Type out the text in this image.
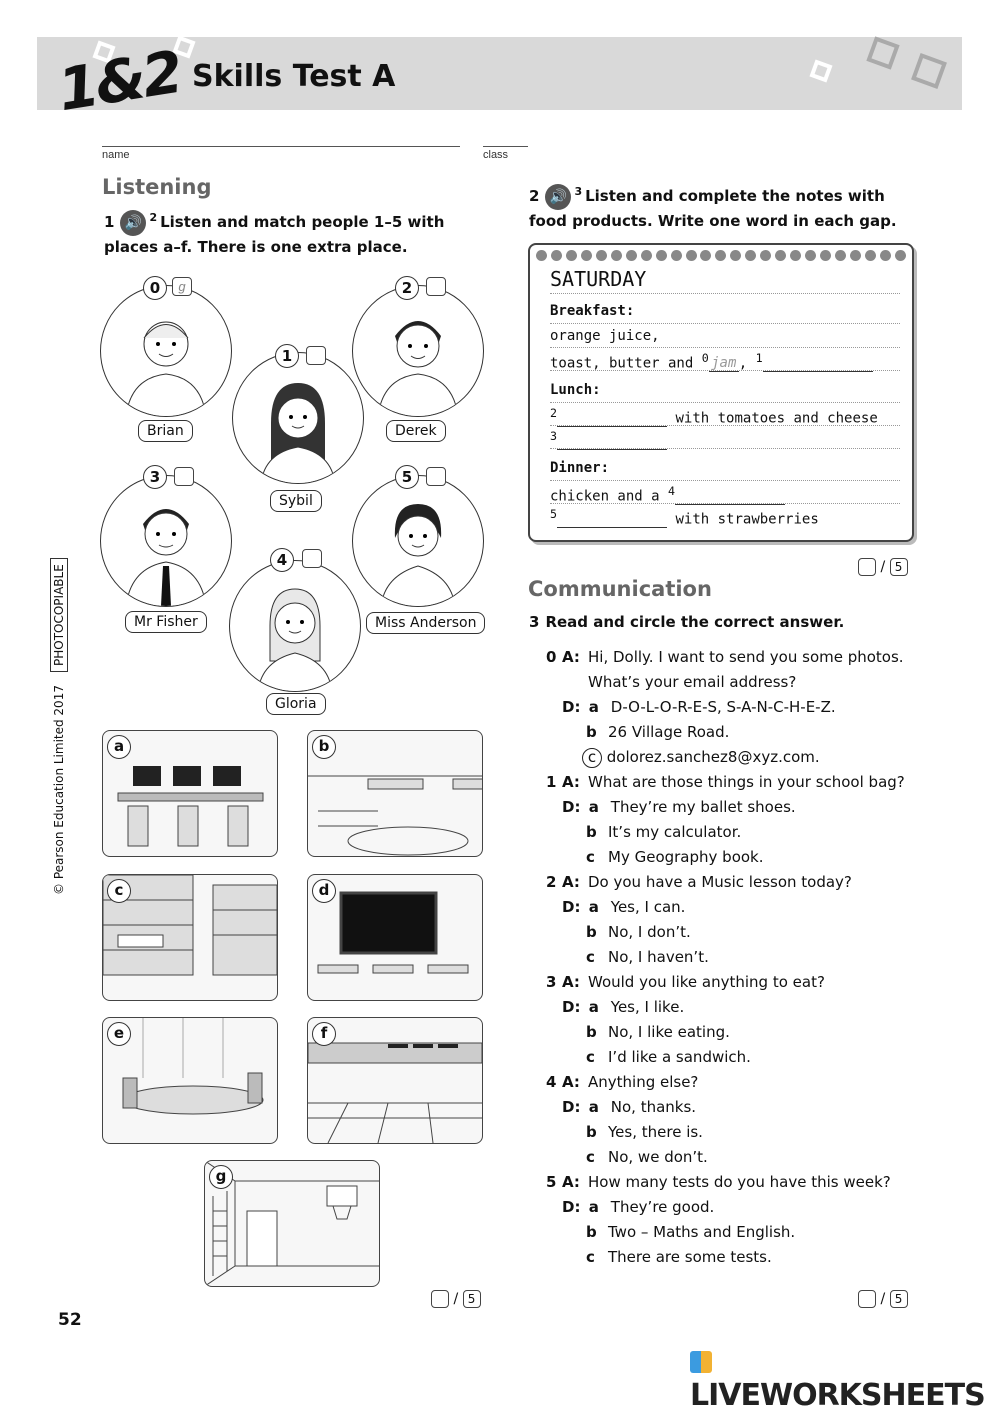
1&2 Skills Test A
name	class
Listening
1 🔊 $^2$ Listen and match people 1–5 with places a–f. There is one extra place.
0	g
Brian
1
Sybil
2
Derek
3
Mr Fisher
4
Gloria
5
Miss Anderson
a	b
c	d
e	f
g
/ 5
2 🔊 $^3$ Listen and complete the notes with food products. Write one word in each gap.
SATURDAY
Breakfast:
orange juice,
toast, butter and $^0$ jam , $^1$
Lunch:
$^2$	with tomatoes and cheese
$^3$
Dinner:
chicken and a $^4$
$^5$	with strawberries
/ 5
Communication
3 Read and circle the correct answer.
0 A: Hi, Dolly. I want to send you some photos.
What’s your email address?
D: a D-O-L-O-R-E-S, S-A-N-C-H-E-Z.
b 26 Village Road.
c dolorez.sanchez8@xyz.com.
1 A: What are those things in your school bag?
D: a They’re my ballet shoes.
b It’s my calculator.
c My Geography book.
2 A: Do you have a Music lesson today?
D: a Yes, I can.
b No, I don’t.
c No, I haven’t.
3 A: Would you like anything to eat?
D: a Yes, I like.
b No, I like eating.
c I’d like a sandwich.
4 A: Anything else?
D: a No, thanks.
b Yes, there is.
c No, we don’t.
5 A: How many tests do you have this week?
D: a They’re good.
b Two – Maths and English.
c There are some tests.
/ 5
© Pearson Education Limited 2017
PHOTOCOPIABLE
52
LIVEWORKSHEETS
